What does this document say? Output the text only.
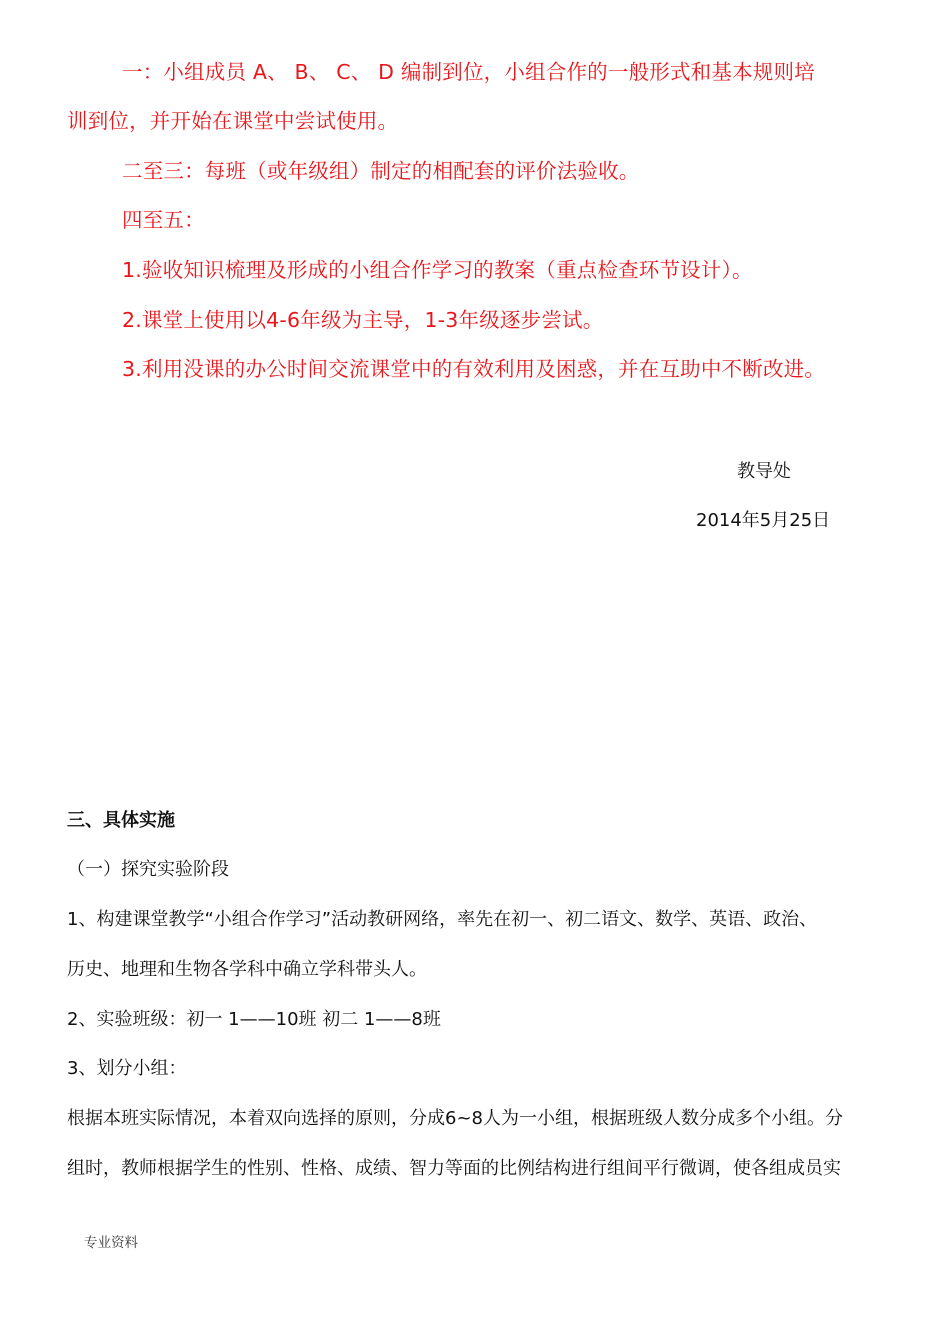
一：小组成员 A、 B、 C、 D 编制到位，小组合作的一般形式和基本规则培
训到位，并开始在课堂中尝试使用。
二至三：每班（或年级组）制定的相配套的评价法验收。
四至五：
1.验收知识梳理及形成的小组合作学习的教案（重点检查环节设计）。
2.课堂上使用以4-6年级为主导，1-3年级逐步尝试。
3.利用没课的办公时间交流课堂中的有效利用及困惑，并在互助中不断改进。
教导处
2014年5月25日
三、具体实施
（一）探究实验阶段
1、构建课堂教学“小组合作学习”活动教研网络，率先在初一、初二语文、数学、英语、政治、
历史、地理和生物各学科中确立学科带头人。
2、实验班级：初一 1——10班 初二 1——8班
3、划分小组：
根据本班实际情况，本着双向选择的原则，分成6~8人为一小组，根据班级人数分成多个小组。分
组时，教师根据学生的性别、性格、成绩、智力等面的比例结构进行组间平行微调，使各组成员实
专业资料
